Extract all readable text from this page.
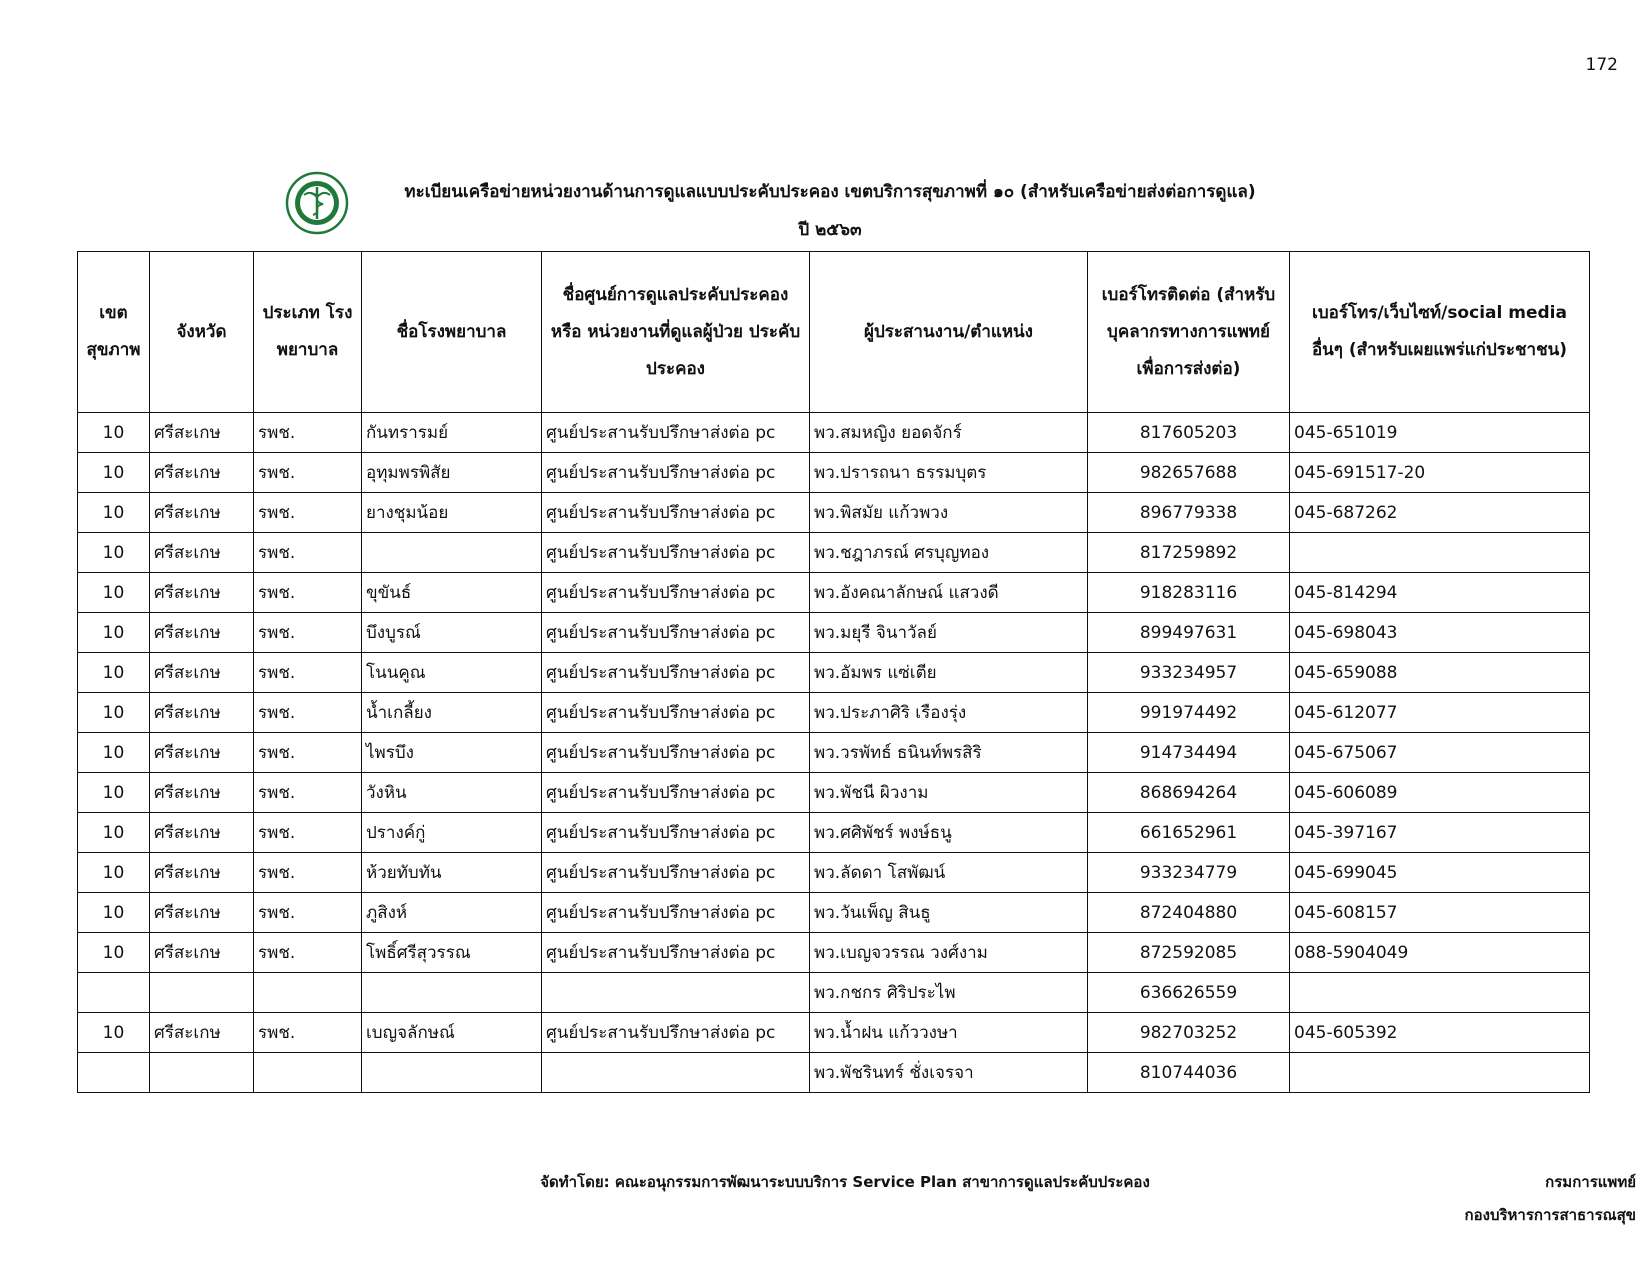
172
ทะเบียนเครือข่ายหน่วยงานด้านการดูแลแบบประคับประคอง เขตบริการสุขภาพที่ ๑๐ (สำหรับเครือข่ายส่งต่อการดูแล)
ปี ๒๕๖๓
เขต สุขภาพ	จังหวัด	ประเภท โรงพยาบาล	ชื่อโรงพยาบาล	ชื่อศูนย์การดูแลประคับประคอง หรือ หน่วยงานที่ดูแลผู้ป่วย ประคับประคอง	ผู้ประสานงาน/ตำแหน่ง	เบอร์โทรติดต่อ (สำหรับ บุคลากรทางการแพทย์ เพื่อการส่งต่อ)	เบอร์โทร/เว็บไซท์/social media อื่นๆ (สำหรับเผยแพร่แก่ประชาชน)
10	ศรีสะเกษ	รพช.	กันทรารมย์	ศูนย์ประสานรับปรึกษาส่งต่อ pc	พว.สมหญิง ยอดจักร์	817605203	045-651019
10	ศรีสะเกษ	รพช.	อุทุมพรพิสัย	ศูนย์ประสานรับปรึกษาส่งต่อ pc	พว.ปรารถนา ธรรมบุตร	982657688	045-691517-20
10	ศรีสะเกษ	รพช.	ยางชุมน้อย	ศูนย์ประสานรับปรึกษาส่งต่อ pc	พว.พิสมัย แก้วพวง	896779338	045-687262
10	ศรีสะเกษ	รพช.		ศูนย์ประสานรับปรึกษาส่งต่อ pc	พว.ชฎาภรณ์ ศรบุญทอง	817259892	
10	ศรีสะเกษ	รพช.	ขุขันธ์	ศูนย์ประสานรับปรึกษาส่งต่อ pc	พว.อังคณาลักษณ์ แสวงดี	918283116	045-814294
10	ศรีสะเกษ	รพช.	บึงบูรณ์	ศูนย์ประสานรับปรึกษาส่งต่อ pc	พว.มยุรี จินาวัลย์	899497631	045-698043
10	ศรีสะเกษ	รพช.	โนนคูณ	ศูนย์ประสานรับปรึกษาส่งต่อ pc	พว.อัมพร แซ่เตีย	933234957	045-659088
10	ศรีสะเกษ	รพช.	น้ำเกลี้ยง	ศูนย์ประสานรับปรึกษาส่งต่อ pc	พว.ประภาศิริ เรืองรุ่ง	991974492	045-612077
10	ศรีสะเกษ	รพช.	ไพรบึง	ศูนย์ประสานรับปรึกษาส่งต่อ pc	พว.วรพัทธ์ ธนินท์พรสิริ	914734494	045-675067
10	ศรีสะเกษ	รพช.	วังหิน	ศูนย์ประสานรับปรึกษาส่งต่อ pc	พว.พัชนี ผิวงาม	868694264	045-606089
10	ศรีสะเกษ	รพช.	ปรางค์กู่	ศูนย์ประสานรับปรึกษาส่งต่อ pc	พว.ศศิพัชร์ พงษ์ธนู	661652961	045-397167
10	ศรีสะเกษ	รพช.	ห้วยทับทัน	ศูนย์ประสานรับปรึกษาส่งต่อ pc	พว.ลัดดา โสพัฒน์	933234779	045-699045
10	ศรีสะเกษ	รพช.	ภูสิงห์	ศูนย์ประสานรับปรึกษาส่งต่อ pc	พว.วันเพ็ญ สินธู	872404880	045-608157
10	ศรีสะเกษ	รพช.	โพธิ์ศรีสุวรรณ	ศูนย์ประสานรับปรึกษาส่งต่อ pc	พว.เบญจวรรณ วงศ์งาม	872592085	088-5904049
					พว.กชกร ศิริประไพ	636626559	
10	ศรีสะเกษ	รพช.	เบญจลักษณ์	ศูนย์ประสานรับปรึกษาส่งต่อ pc	พว.น้ำฝน แก้ววงษา	982703252	045-605392
					พว.พัชรินทร์ ชั่งเจรจา	810744036	
จัดทำโดย: คณะอนุกรรมการพัฒนาระบบบริการ Service Plan สาขาการดูแลประคับประคอง	กรมการแพทย์
กองบริหารการสาธารณสุข
